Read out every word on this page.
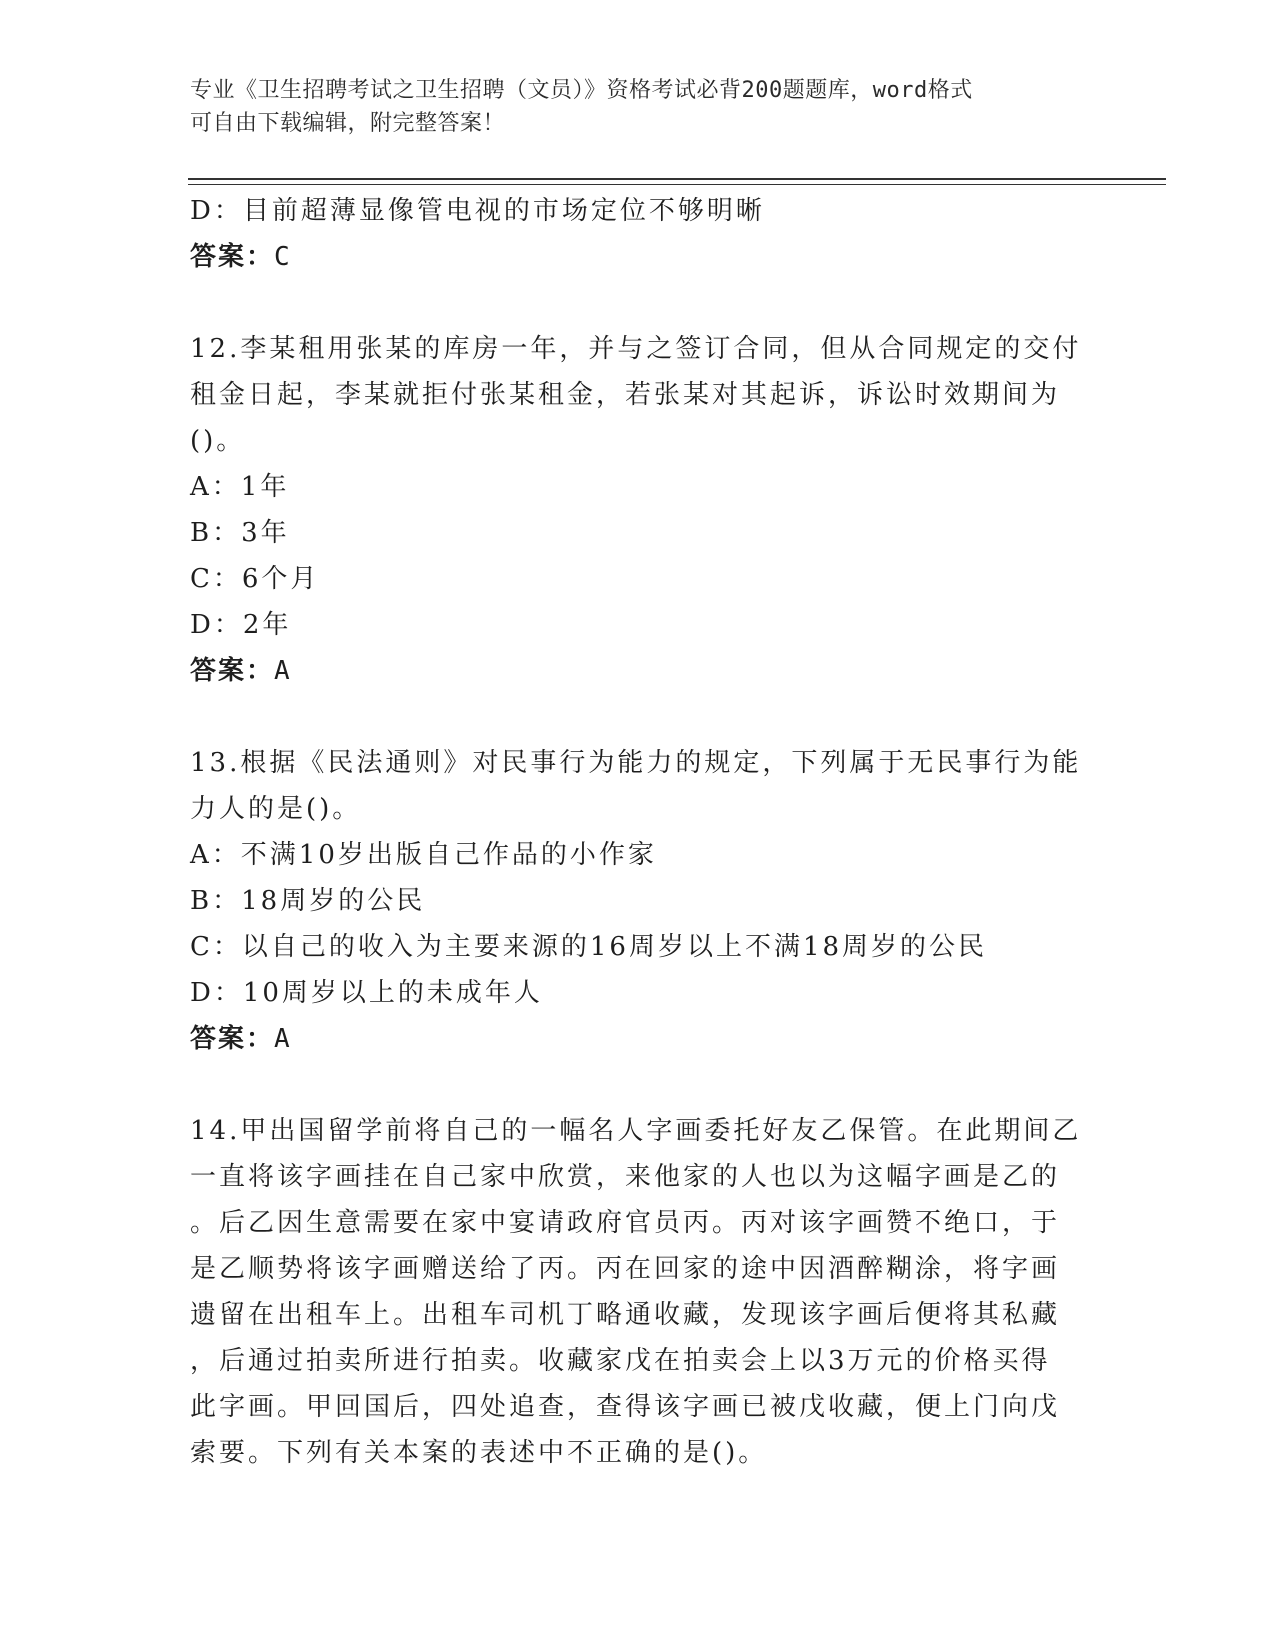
专业《卫生招聘考试之卫生招聘（文员）》资格考试必背200题题库，word格式
可自由下载编辑，附完整答案！
D：目前超薄显像管电视的市场定位不够明晰
答案：C
12.李某租用张某的库房一年，并与之签订合同，但从合同规定的交付
租金日起，李某就拒付张某租金，若张某对其起诉，诉讼时效期间为
()。
A：1年
B：3年
C：6个月
D：2年
答案：A
13.根据《民法通则》对民事行为能力的规定，下列属于无民事行为能
力人的是()。
A：不满10岁出版自己作品的小作家
B：18周岁的公民
C：以自己的收入为主要来源的16周岁以上不满18周岁的公民
D：10周岁以上的未成年人
答案：A
14.甲出国留学前将自己的一幅名人字画委托好友乙保管。在此期间乙
一直将该字画挂在自己家中欣赏，来他家的人也以为这幅字画是乙的
。后乙因生意需要在家中宴请政府官员丙。丙对该字画赞不绝口，于
是乙顺势将该字画赠送给了丙。丙在回家的途中因酒醉糊涂，将字画
遗留在出租车上。出租车司机丁略通收藏，发现该字画后便将其私藏
，后通过拍卖所进行拍卖。收藏家戊在拍卖会上以3万元的价格买得
此字画。甲回国后，四处追查，查得该字画已被戊收藏，便上门向戊
索要。下列有关本案的表述中不正确的是()。
